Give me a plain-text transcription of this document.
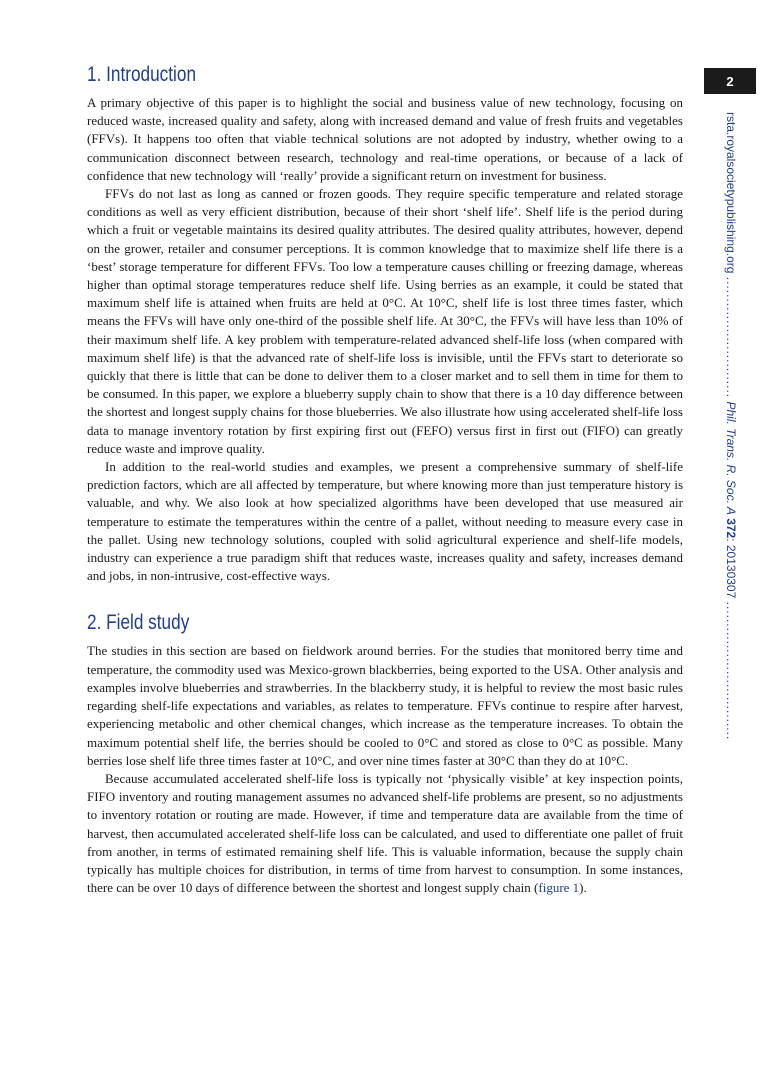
2
rsta.royalsocietypublishing.org ............................ Phil. Trans. R. Soc. A 372: 20130307 ................................
1. Introduction

A primary objective of this paper is to highlight the social and business value of new technology, focusing on reduced waste, increased quality and safety, along with increased demand and value of fresh fruits and vegetables (FFVs). It happens too often that viable technical solutions are not adopted by industry, whether owing to a communication disconnect between research, technology and real-time operations, or because of a lack of confidence that new technology will ‘really’ provide a significant return on investment for business.

FFVs do not last as long as canned or frozen goods. They require specific temperature and related storage conditions as well as very efficient distribution, because of their short ‘shelf life’. Shelf life is the period during which a fruit or vegetable maintains its desired quality attributes. The desired quality attributes, however, depend on the grower, retailer and consumer perceptions. It is common knowledge that to maximize shelf life there is a ‘best’ storage temperature for different FFVs. Too low a temperature causes chilling or freezing damage, whereas higher than optimal storage temperatures reduce shelf life. Using berries as an example, it could be stated that maximum shelf life is attained when fruits are held at 0°C. At 10°C, shelf life is lost three times faster, which means the FFVs will have only one-third of the possible shelf life. At 30°C, the FFVs will have less than 10% of their maximum shelf life. A key problem with temperature-related advanced shelf-life loss (when compared with maximum shelf life) is that the advanced rate of shelf-life loss is invisible, until the FFVs start to deteriorate so quickly that there is little that can be done to deliver them to a closer market and to sell them in time for them to be consumed. In this paper, we explore a blueberry supply chain to show that there is a 10 day difference between the shortest and longest supply chains for those blueberries. We also illustrate how using accelerated shelf-life loss data to manage inventory rotation by first expiring first out (FEFO) versus first in first out (FIFO) can greatly reduce waste and improve quality.

In addition to the real-world studies and examples, we present a comprehensive summary of shelf-life prediction factors, which are all affected by temperature, but where knowing more than just temperature history is valuable, and why. We also look at how specialized algorithms have been developed that use measured air temperature to estimate the temperatures within the centre of a pallet, without needing to measure every case in the pallet. Using new technology solutions, coupled with solid agricultural experience and shelf-life models, industry can experience a true paradigm shift that reduces waste, increases quality and safety, increases demand and jobs, in non-intrusive, cost-effective ways.

2. Field study

The studies in this section are based on fieldwork around berries. For the studies that monitored berry time and temperature, the commodity used was Mexico-grown blackberries, being exported to the USA. Other analysis and examples involve blueberries and strawberries. In the blackberry study, it is helpful to review the most basic rules regarding shelf-life expectations and variables, as relates to temperature. FFVs continue to respire after harvest, experiencing metabolic and other chemical changes, which increase as the temperature increases. To obtain the maximum potential shelf life, the berries should be cooled to 0°C and stored as close to 0°C as possible. Many berries lose shelf life three times faster at 10°C, and over nine times faster at 30°C than they do at 10°C.

Because accumulated accelerated shelf-life loss is typically not ‘physically visible’ at key inspection points, FIFO inventory and routing management assumes no advanced shelf-life problems are present, so no adjustments to inventory rotation or routing are made. However, if time and temperature data are available from the time of harvest, then accumulated accelerated shelf-life loss can be calculated, and used to differentiate one pallet of fruit from another, in terms of estimated remaining shelf life. This is valuable information, because the supply chain typically has multiple choices for distribution, in terms of time from harvest to consumption. In some instances, there can be over 10 days of difference between the shortest and longest supply chain (figure 1).
